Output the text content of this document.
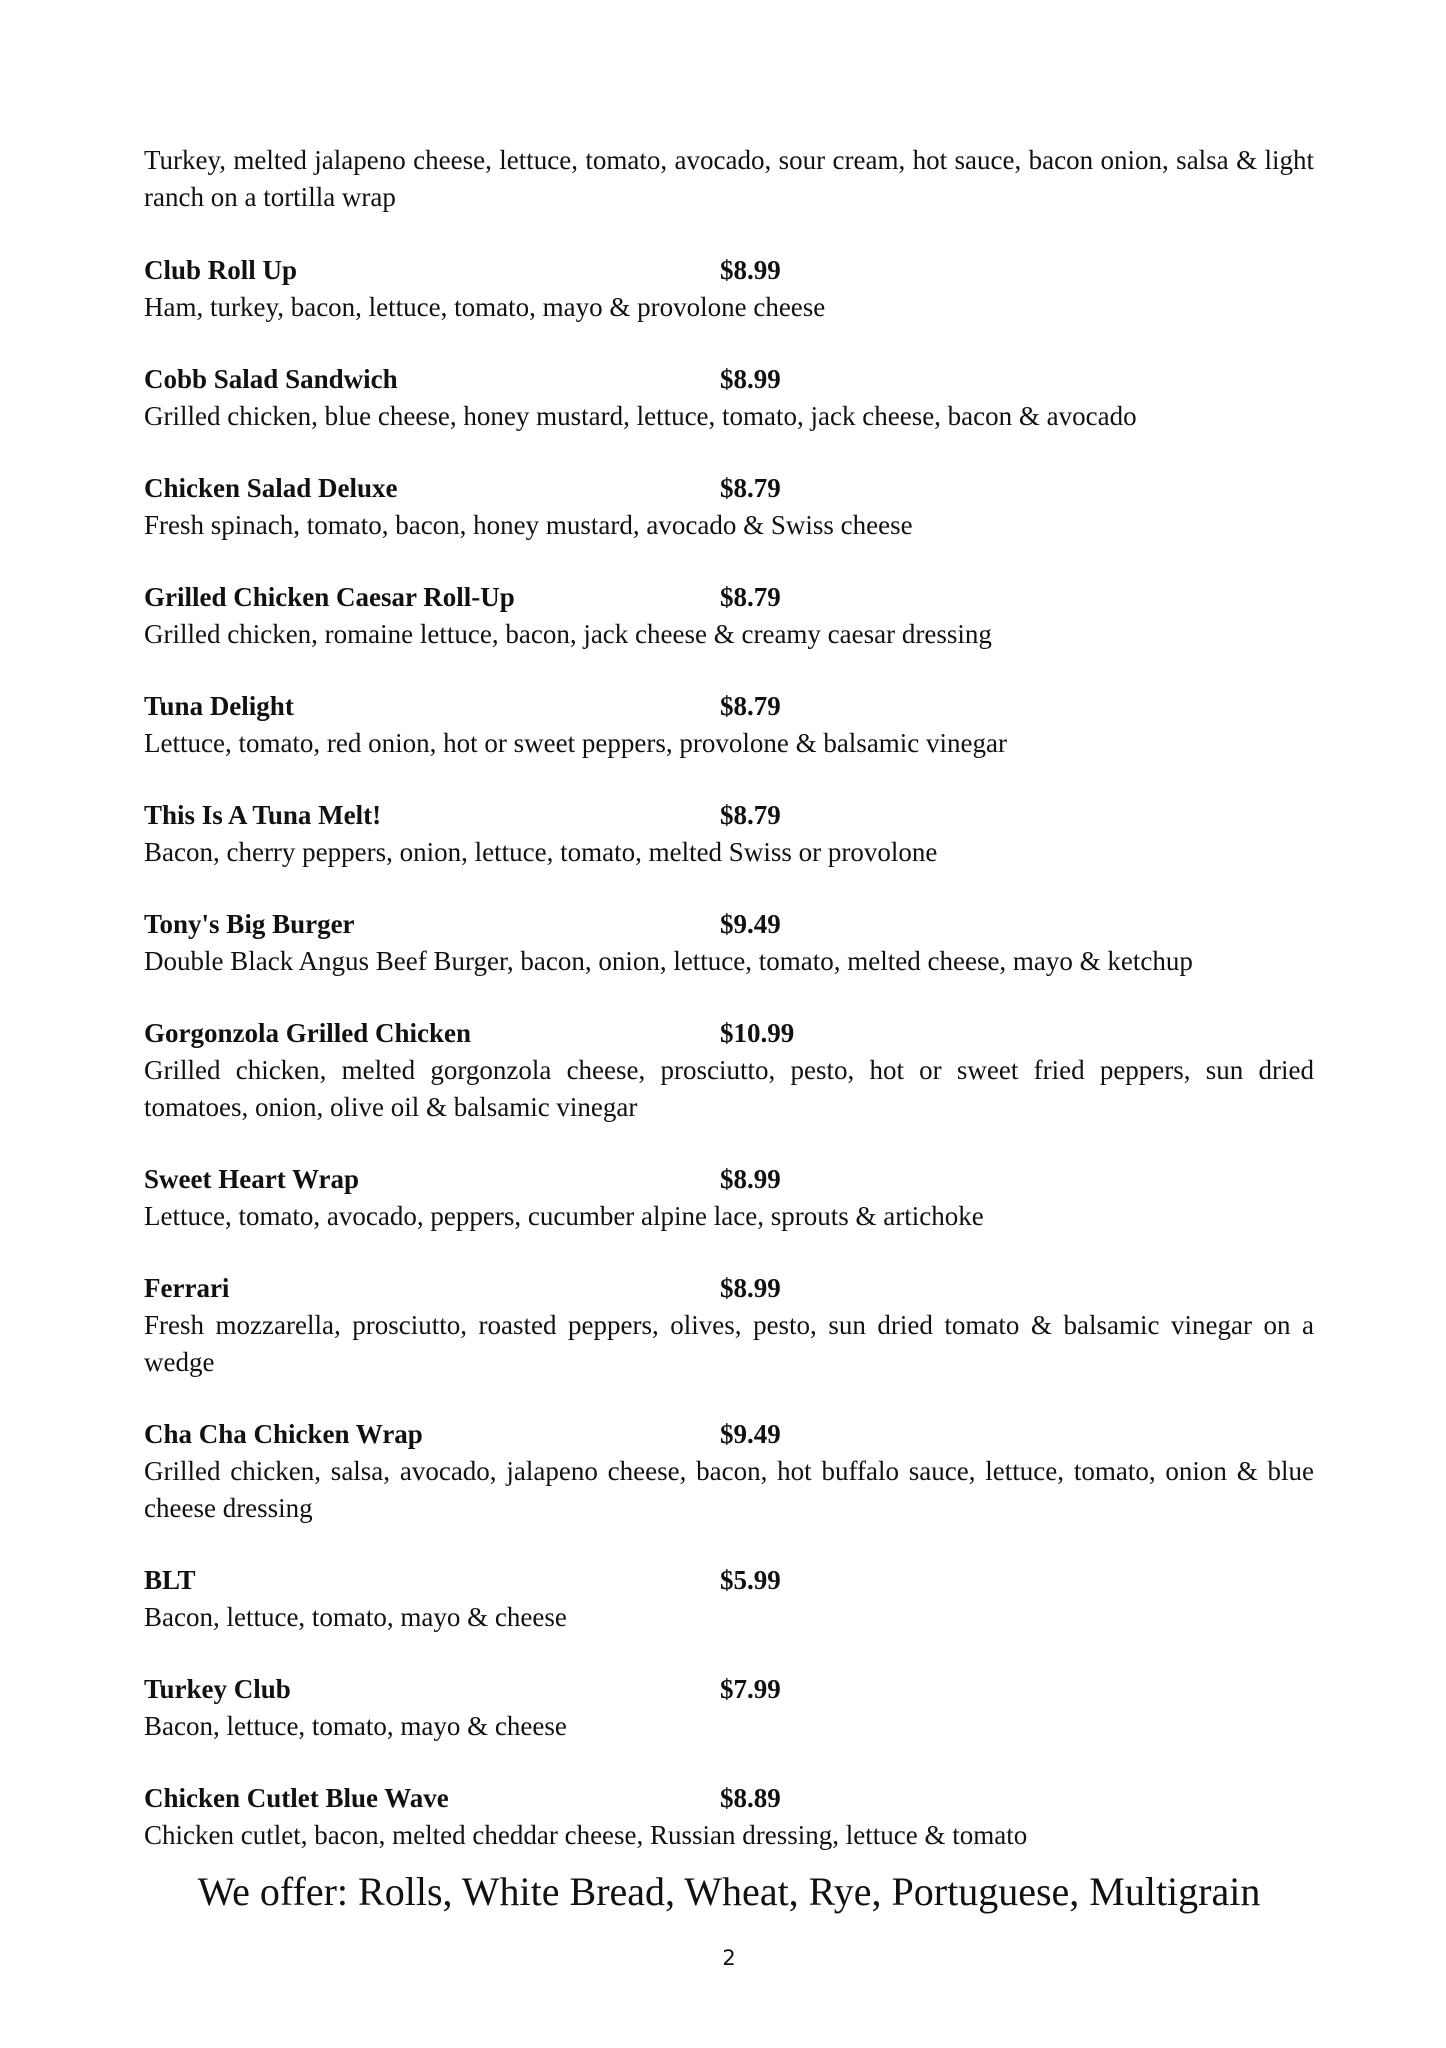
Turkey, melted jalapeno cheese, lettuce, tomato, avocado, sour cream, hot sauce, bacon onion, salsa & light ranch on a tortilla wrap
Club Roll Up	$8.99
Ham, turkey, bacon, lettuce, tomato, mayo & provolone cheese
Cobb Salad Sandwich	$8.99
Grilled chicken, blue cheese, honey mustard, lettuce, tomato, jack cheese, bacon & avocado
Chicken Salad Deluxe	$8.79
Fresh spinach, tomato, bacon, honey mustard, avocado & Swiss cheese
Grilled Chicken Caesar Roll-Up	$8.79
Grilled chicken, romaine lettuce, bacon, jack cheese & creamy caesar dressing
Tuna Delight	$8.79
Lettuce, tomato, red onion, hot or sweet peppers, provolone & balsamic vinegar
This Is A Tuna Melt!	$8.79
Bacon, cherry peppers, onion, lettuce, tomato, melted Swiss or provolone
Tony's Big Burger	$9.49
Double Black Angus Beef Burger, bacon, onion, lettuce, tomato, melted cheese, mayo & ketchup
Gorgonzola Grilled Chicken	$10.99
Grilled chicken, melted gorgonzola cheese, prosciutto, pesto, hot or sweet fried peppers, sun dried tomatoes, onion, olive oil & balsamic vinegar
Sweet Heart Wrap	$8.99
Lettuce, tomato, avocado, peppers, cucumber alpine lace, sprouts & artichoke
Ferrari	$8.99
Fresh mozzarella, prosciutto, roasted peppers, olives, pesto, sun dried tomato & balsamic vinegar on a wedge
Cha Cha Chicken Wrap	$9.49
Grilled chicken, salsa, avocado, jalapeno cheese, bacon, hot buffalo sauce, lettuce, tomato, onion & blue cheese dressing
BLT	$5.99
Bacon, lettuce, tomato, mayo & cheese
Turkey Club	$7.99
Bacon, lettuce, tomato, mayo & cheese
Chicken Cutlet Blue Wave	$8.89
Chicken cutlet, bacon, melted cheddar cheese, Russian dressing, lettuce & tomato
We offer: Rolls, White Bread, Wheat, Rye, Portuguese, Multigrain
2
